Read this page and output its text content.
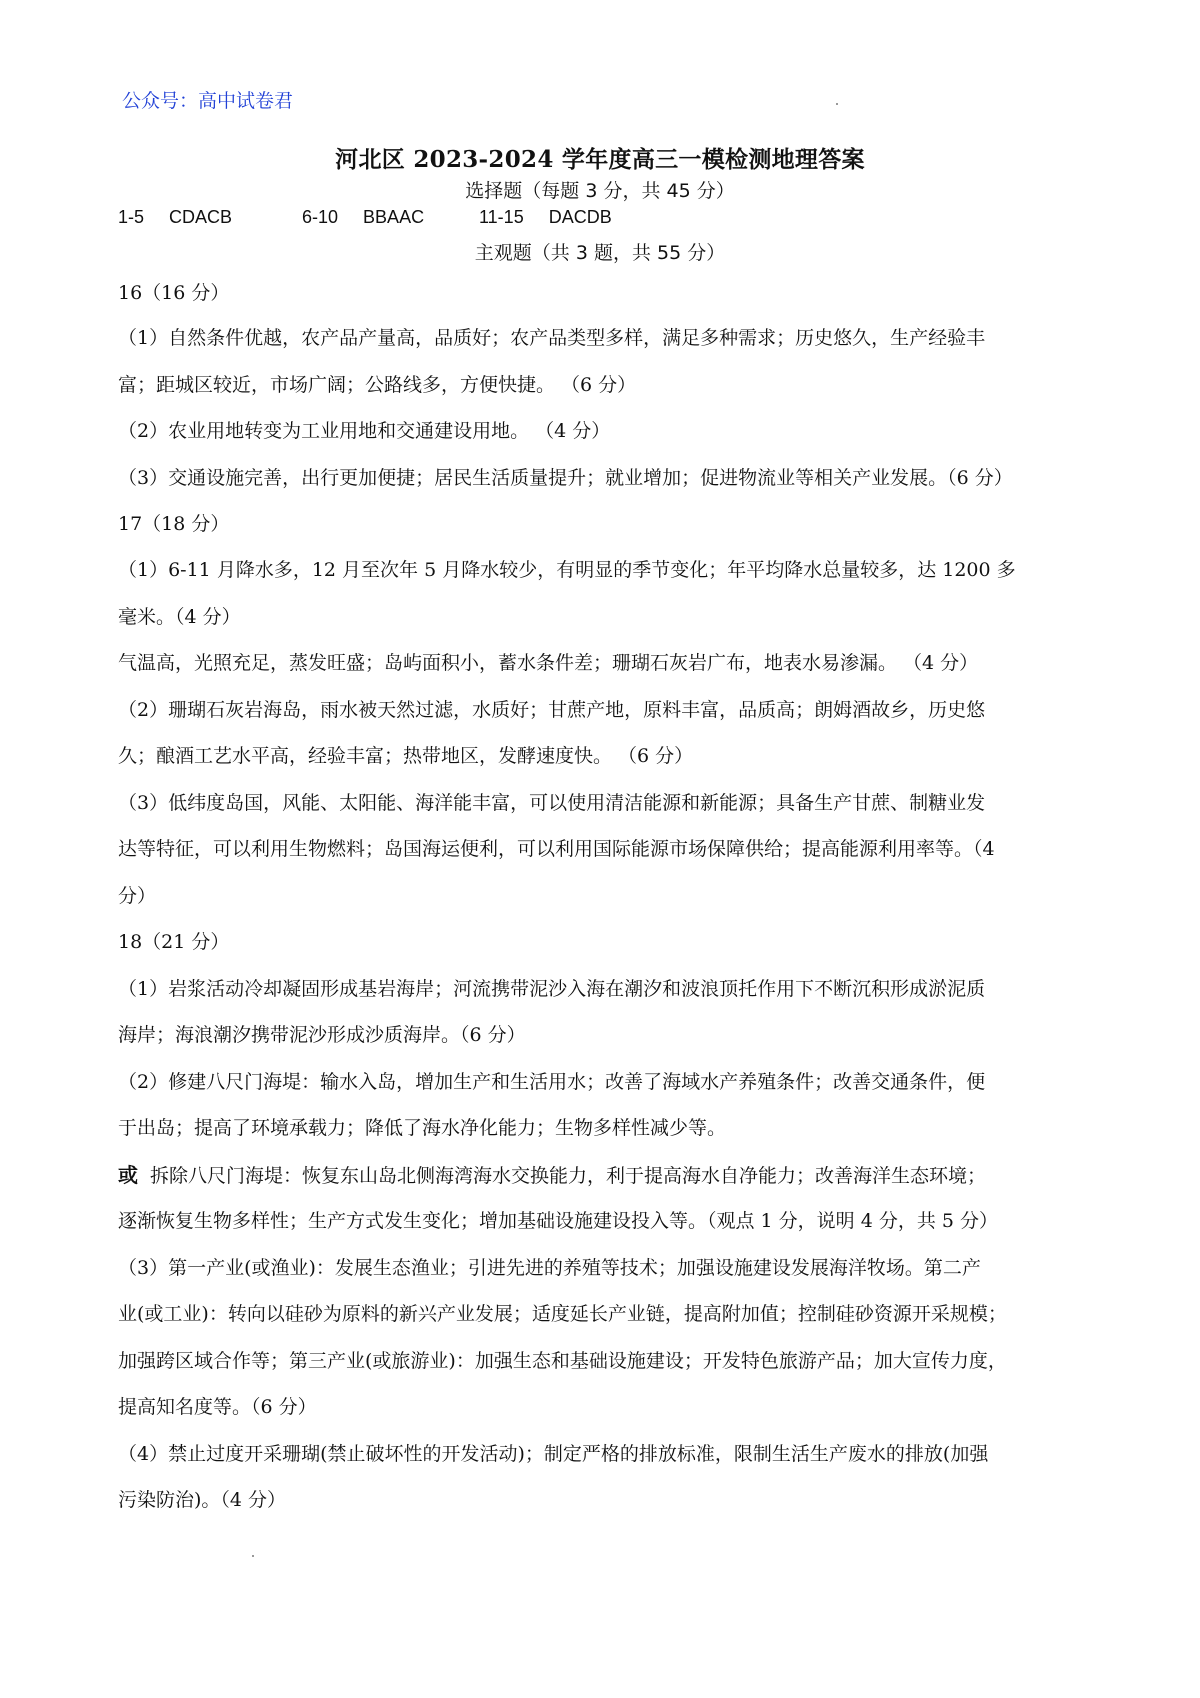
公众号：高中试卷君
河北区 2023-2024 学年度高三一模检测地理答案
选择题（每题 3 分，共 45 分）
1-5 CDACB	6-10 BBAAC	11-15 DACDB
主观题（共 3 题，共 55 分）
16（16 分）
（1）自然条件优越，农产品产量高，品质好；农产品类型多样，满足多种需求；历史悠久，生产经验丰
富；距城区较近，市场广阔；公路线多，方便快捷。 （6 分）
（2）农业用地转变为工业用地和交通建设用地。 （4 分）
（3）交通设施完善，出行更加便捷；居民生活质量提升；就业增加；促进物流业等相关产业发展。（6 分）
17（18 分）
（1）6-11 月降水多，12 月至次年 5 月降水较少，有明显的季节变化；年平均降水总量较多，达 1200 多
毫米。（4 分）
气温高，光照充足，蒸发旺盛；岛屿面积小，蓄水条件差；珊瑚石灰岩广布，地表水易渗漏。 （4 分）
（2）珊瑚石灰岩海岛，雨水被天然过滤，水质好；甘蔗产地，原料丰富，品质高；朗姆酒故乡，历史悠
久；酿酒工艺水平高，经验丰富；热带地区，发酵速度快。 （6 分）
（3）低纬度岛国，风能、太阳能、海洋能丰富，可以使用清洁能源和新能源；具备生产甘蔗、制糖业发
达等特征，可以利用生物燃料；岛国海运便利，可以利用国际能源市场保障供给；提高能源利用率等。（4
分）
18（21 分）
（1）岩浆活动冷却凝固形成基岩海岸；河流携带泥沙入海在潮汐和波浪顶托作用下不断沉积形成淤泥质
海岸；海浪潮汐携带泥沙形成沙质海岸。（6 分）
（2）修建八尺门海堤：输水入岛，增加生产和生活用水；改善了海域水产养殖条件；改善交通条件，便
于出岛；提高了环境承载力；降低了海水净化能力；生物多样性减少等。
或 拆除八尺门海堤：恢复东山岛北侧海湾海水交换能力，利于提高海水自净能力；改善海洋生态环境；
逐渐恢复生物多样性；生产方式发生变化；增加基础设施建设投入等。（观点 1 分，说明 4 分，共 5 分）
（3）第一产业(或渔业)：发展生态渔业；引进先进的养殖等技术；加强设施建设发展海洋牧场。第二产
业(或工业)：转向以硅砂为原料的新兴产业发展；适度延长产业链，提高附加值；控制硅砂资源开采规模；
加强跨区域合作等；第三产业(或旅游业)：加强生态和基础设施建设；开发特色旅游产品；加大宣传力度，
提高知名度等。（6 分）
（4）禁止过度开采珊瑚(禁止破坏性的开发活动)；制定严格的排放标准，限制生活生产废水的排放(加强
污染防治)。（4 分）
